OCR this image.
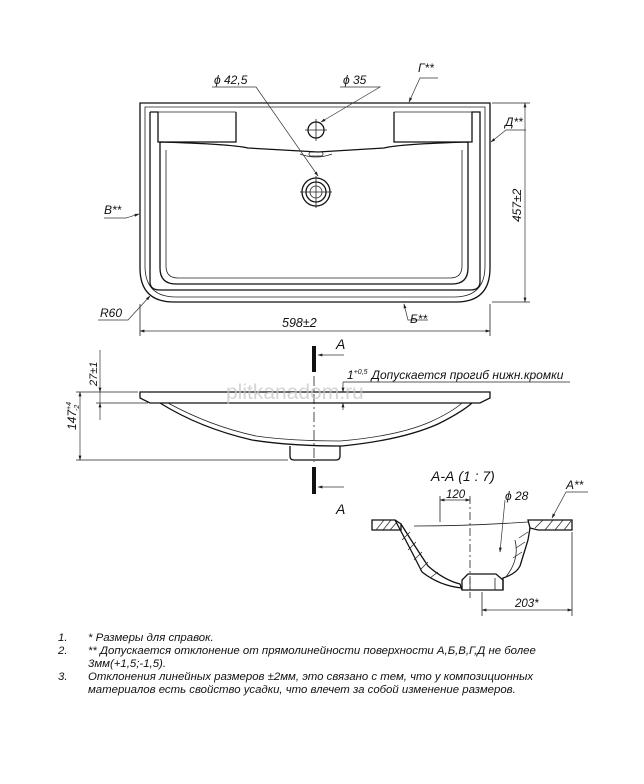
ϕ 42,5	ϕ 35
Г**
Д**
В**
R60	Б**
598±2
457±2
A
A
$147^{+4}-2$
27±1	$1^{+0,5}$ Допускается прогиб нижн.кромки
plitkanadom.ru
А-А (1 : 7)
120	ϕ 28
А**
203*
1.	* Размеры для справок.
2.	** Допускается отклонение от прямолинейности поверхности А,Б,В,Г,Д не более 3мм(+1,5;-1,5).
3.	Отклонения линейных размеров ±2мм, это связано с тем, что у композиционных материалов есть свойство усадки, что влечет за собой изменение размеров.
